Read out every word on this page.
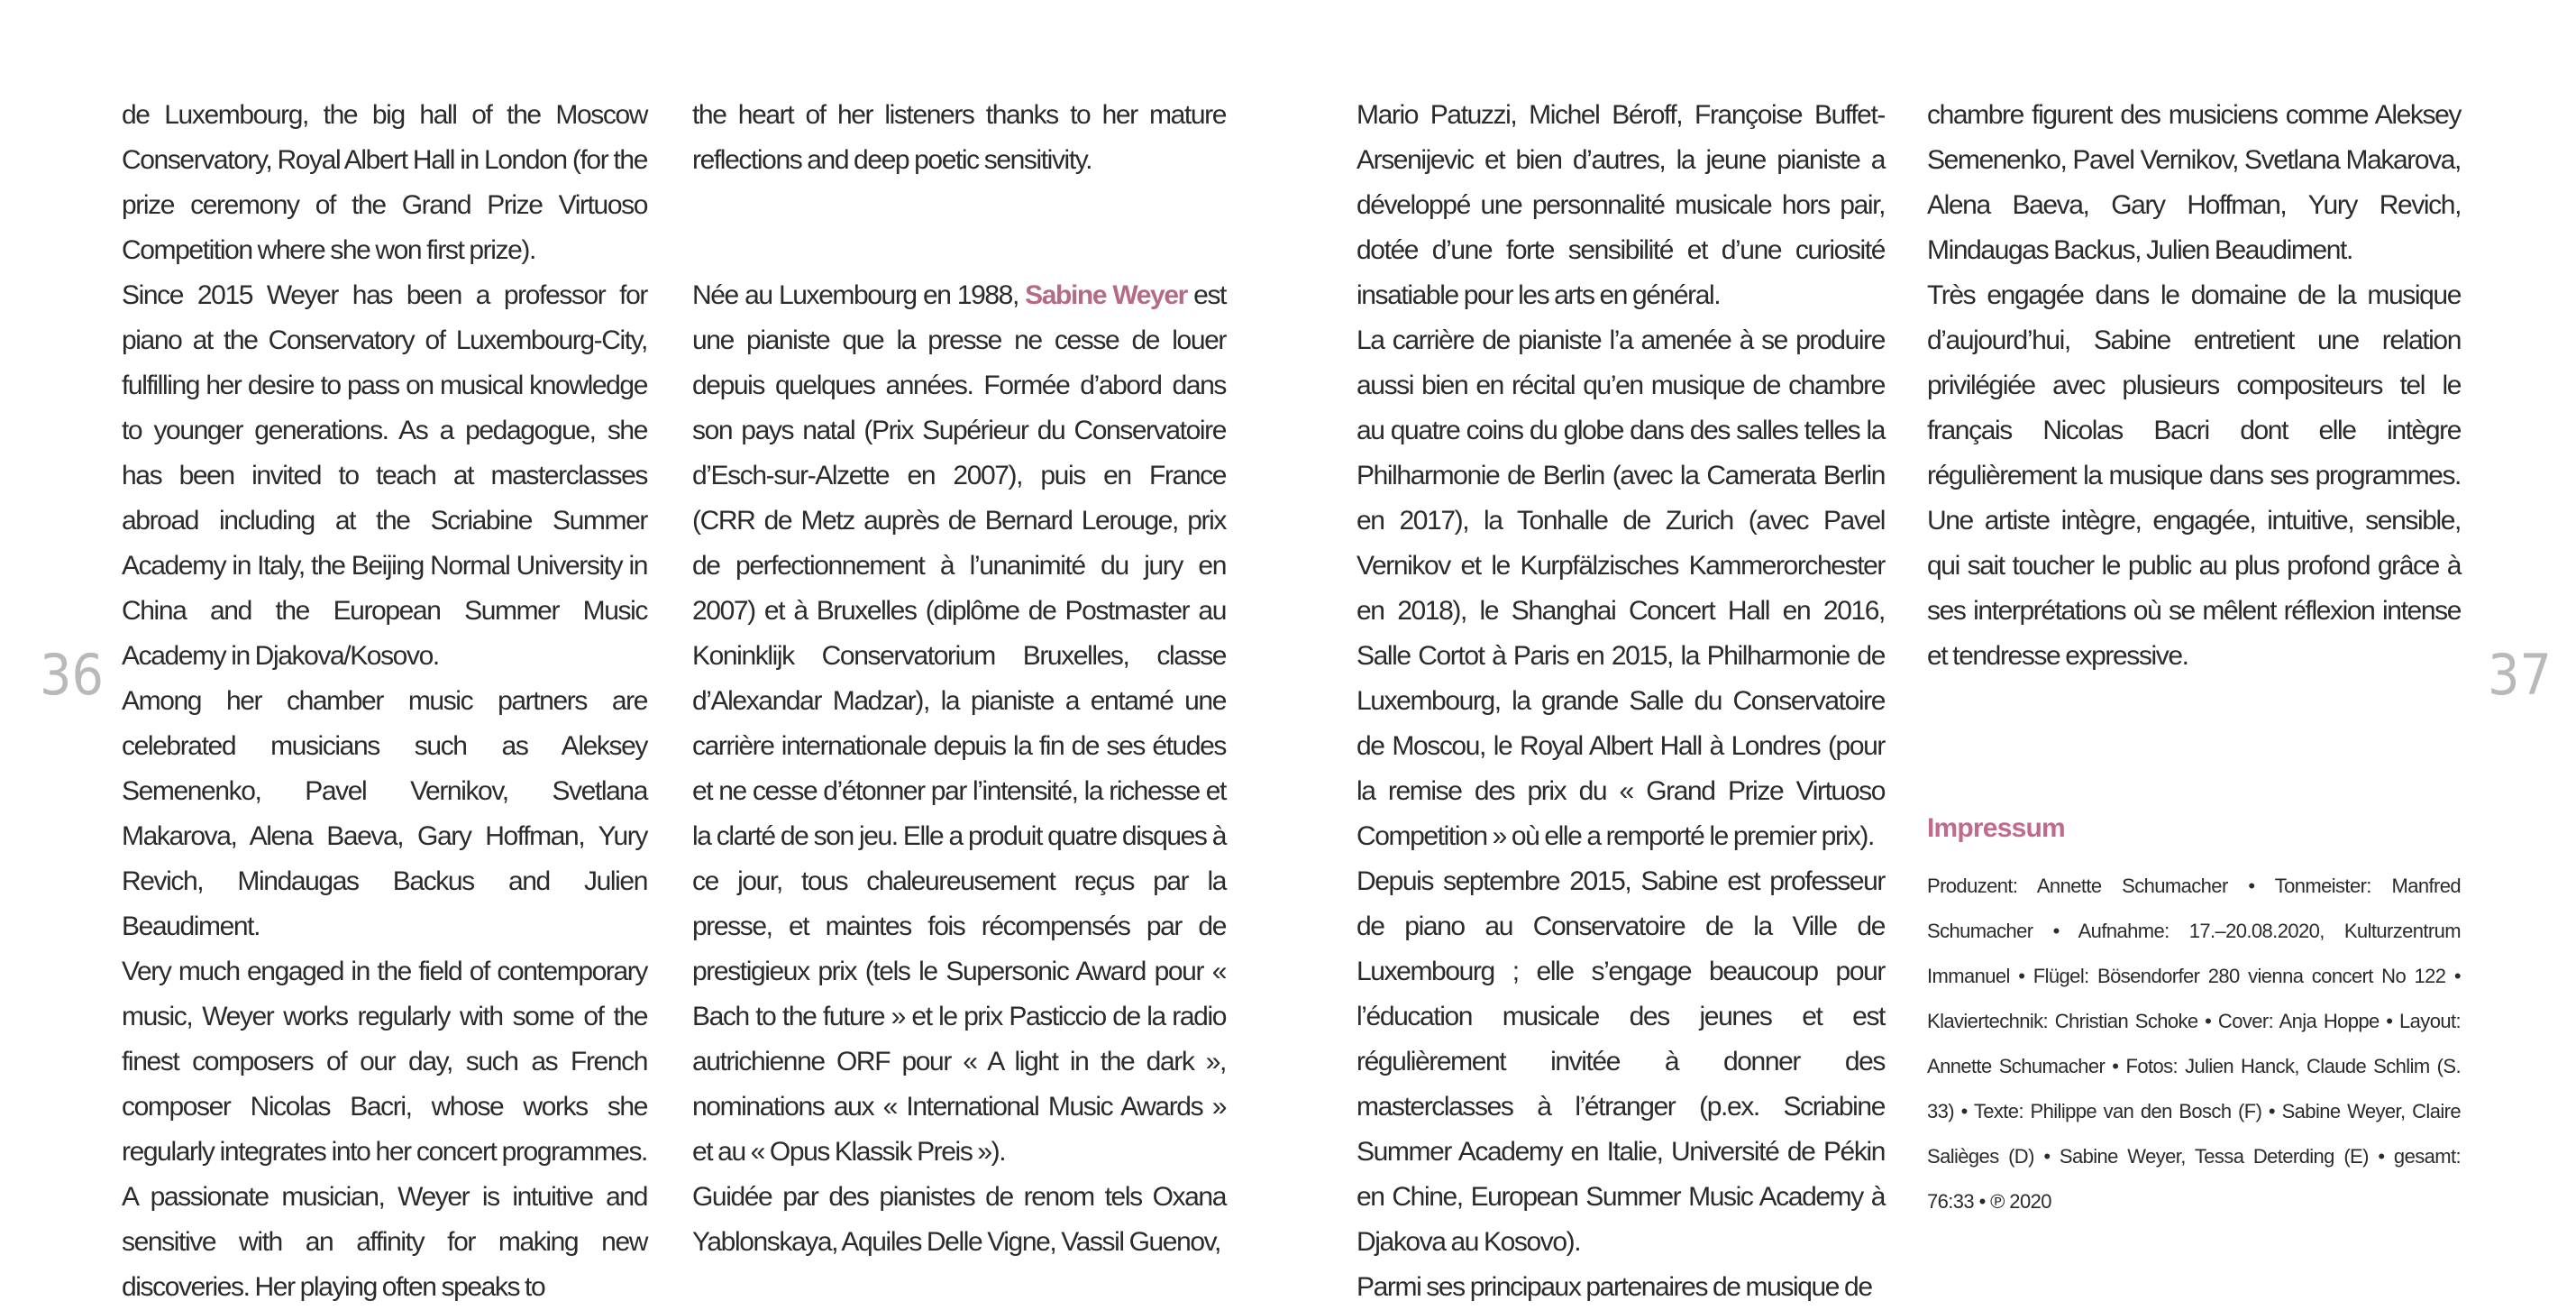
36	37

de Luxembourg, the big hall of the Moscow Conservatory, Royal Albert Hall in London (for the prize ceremony of the Grand Prize Virtuoso Competition where she won first prize).

Since 2015 Weyer has been a professor for piano at the Conservatory of Luxembourg-City, fulfilling her desire to pass on musical knowledge to younger generations. As a pedagogue, she has been invited to teach at masterclasses abroad including at the Scriabine Summer Academy in Italy, the Beijing Normal University in China and the European Summer Music Academy in Djakova/Kosovo.

Among her chamber music partners are celebrated musicians such as Aleksey Semenenko, Pavel Vernikov, Svetlana Makarova, Alena Baeva, Gary Hoffman, Yury Revich, Mindaugas Backus and Julien Beaudiment.

Very much engaged in the field of contemporary music, Weyer works regularly with some of the finest composers of our day, such as French composer Nicolas Bacri, whose works she regularly integrates into her concert programmes. A passionate musician, Weyer is intuitive and sensitive with an affinity for making new discoveries. Her playing often speaks to

the heart of her listeners thanks to her mature reflections and deep poetic sensitivity.

Née au Luxembourg en 1988, Sabine Weyer est une pianiste que la presse ne cesse de louer depuis quelques années. Formée d’abord dans son pays natal (Prix Supérieur du Conservatoire d’Esch-sur-Alzette en 2007), puis en France (CRR de Metz auprès de Bernard Lerouge, prix de perfectionnement à l’unanimité du jury en 2007) et à Bruxelles (diplôme de Postmaster au Koninklijk Conservatorium Bruxelles, classe d’Alexandar Madzar), la pianiste a entamé une carrière internationale depuis la fin de ses études et ne cesse d’étonner par l’intensité, la richesse et la clarté de son jeu. Elle a produit quatre disques à ce jour, tous chaleureusement reçus par la presse, et maintes fois récompensés par de prestigieux prix (tels le Supersonic Award pour « Bach to the future » et le prix Pasticcio de la radio autrichienne ORF pour « A light in the dark », nominations aux « International Music Awards » et au « Opus Klassik Preis »).

Guidée par des pianistes de renom tels Oxana Yablonskaya, Aquiles Delle Vigne, Vassil Guenov,

Mario Patuzzi, Michel Béroff, Françoise Buffet-Arsenijevic et bien d’autres, la jeune pianiste a développé une personnalité musicale hors pair, dotée d’une forte sensibilité et d’une curiosité insatiable pour les arts en général.

La carrière de pianiste l’a amenée à se produire aussi bien en récital qu’en musique de chambre au quatre coins du globe dans des salles telles la Philharmonie de Berlin (avec la Camerata Berlin en 2017), la Tonhalle de Zurich (avec Pavel Vernikov et le Kurpfälzisches Kammerorchester en 2018), le Shanghai Concert Hall en 2016, Salle Cortot à Paris en 2015, la Philharmonie de Luxembourg, la grande Salle du Conservatoire de Moscou, le Royal Albert Hall à Londres (pour la remise des prix du « Grand Prize Virtuoso Competition » où elle a remporté le premier prix).

Depuis septembre 2015, Sabine est professeur de piano au Conservatoire de la Ville de Luxembourg ; elle s’engage beaucoup pour l’éducation musicale des jeunes et est régulièrement invitée à donner des masterclasses à l’étranger (p.ex. Scriabine Summer Academy en Italie, Université de Pékin en Chine, European Summer Music Academy à Djakova au Kosovo).

Parmi ses principaux partenaires de musique de

chambre figurent des musiciens comme Aleksey Semenenko, Pavel Vernikov, Svetlana Makarova, Alena Baeva, Gary Hoffman, Yury Revich, Mindaugas Backus, Julien Beaudiment.

Très engagée dans le domaine de la musique d’aujourd’hui, Sabine entretient une relation privilégiée avec plusieurs compositeurs tel le français Nicolas Bacri dont elle intègre régulièrement la musique dans ses programmes. Une artiste intègre, engagée, intuitive, sensible, qui sait toucher le public au plus profond grâce à ses interprétations où se mêlent réflexion intense et tendresse expressive.

Impressum
Produzent: Annette Schumacher • Tonmeister: Manfred Schumacher • Aufnahme: 17.–20.08.2020, Kulturzentrum Immanuel • Flügel: Bösendorfer 280 vienna concert No 122 • Klaviertechnik: Christian Schoke • Cover: Anja Hoppe • Layout: Annette Schumacher • Fotos: Julien Hanck, Claude Schlim (S. 33) • Texte: Philippe van den Bosch (F) • Sabine Weyer, Claire Salièges (D) • Sabine Weyer, Tessa Deterding (E) • gesamt: 76:33 • ℗ 2020
